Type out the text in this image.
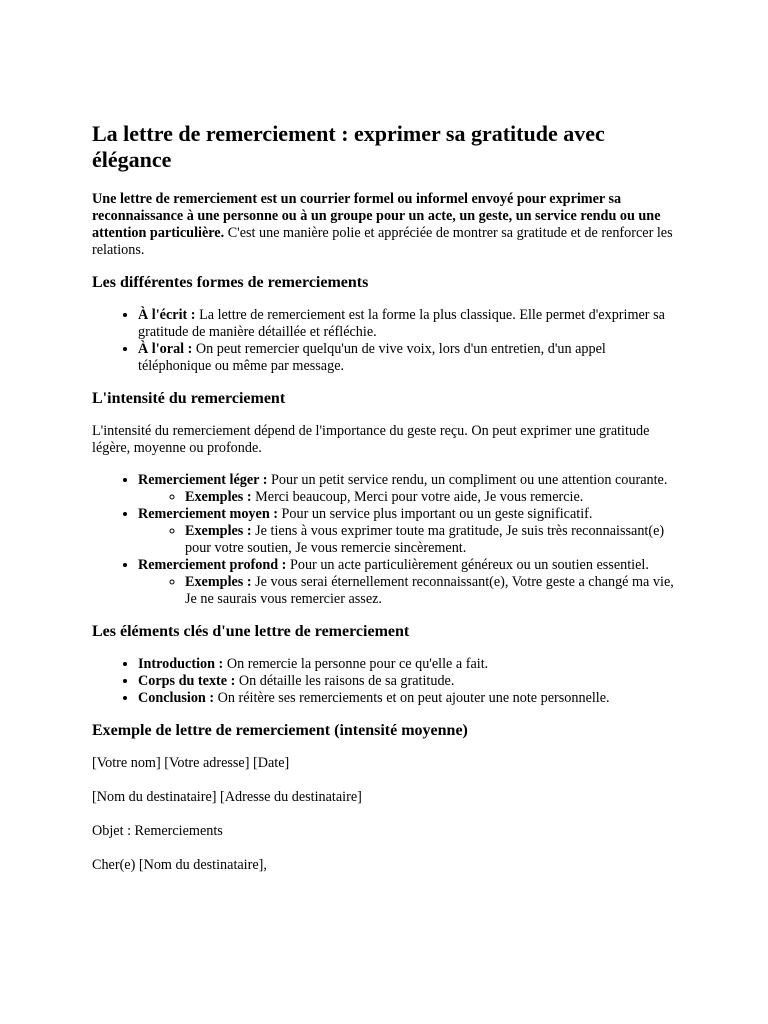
La lettre de remerciement : exprimer sa gratitude avec élégance

Une lettre de remerciement est un courrier formel ou informel envoyé pour exprimer sa reconnaissance à une personne ou à un groupe pour un acte, un geste, un service rendu ou une attention particulière. C'est une manière polie et appréciée de montrer sa gratitude et de renforcer les relations.

Les différentes formes de remerciements
• À l'écrit : La lettre de remerciement est la forme la plus classique. Elle permet d'exprimer sa gratitude de manière détaillée et réfléchie.
• À l'oral : On peut remercier quelqu'un de vive voix, lors d'un entretien, d'un appel téléphonique ou même par message.
L'intensité du remerciement

L'intensité du remerciement dépend de l'importance du geste reçu. On peut exprimer une gratitude légère, moyenne ou profonde.

• Remerciement léger : Pour un petit service rendu, un compliment ou une attention courante.
◦ Exemples : Merci beaucoup, Merci pour votre aide, Je vous remercie.
• Remerciement moyen : Pour un service plus important ou un geste significatif.
◦ Exemples : Je tiens à vous exprimer toute ma gratitude, Je suis très reconnaissant(e) pour votre soutien, Je vous remercie sincèrement.
• Remerciement profond : Pour un acte particulièrement généreux ou un soutien essentiel.
◦ Exemples : Je vous serai éternellement reconnaissant(e), Votre geste a changé ma vie, Je ne saurais vous remercier assez.
Les éléments clés d'une lettre de remerciement
• Introduction : On remercie la personne pour ce qu'elle a fait.
• Corps du texte : On détaille les raisons de sa gratitude.
• Conclusion : On réitère ses remerciements et on peut ajouter une note personnelle.
Exemple de lettre de remerciement (intensité moyenne)

[Votre nom] [Votre adresse] [Date]

[Nom du destinataire] [Adresse du destinataire]

Objet : Remerciements

Cher(e) [Nom du destinataire],
